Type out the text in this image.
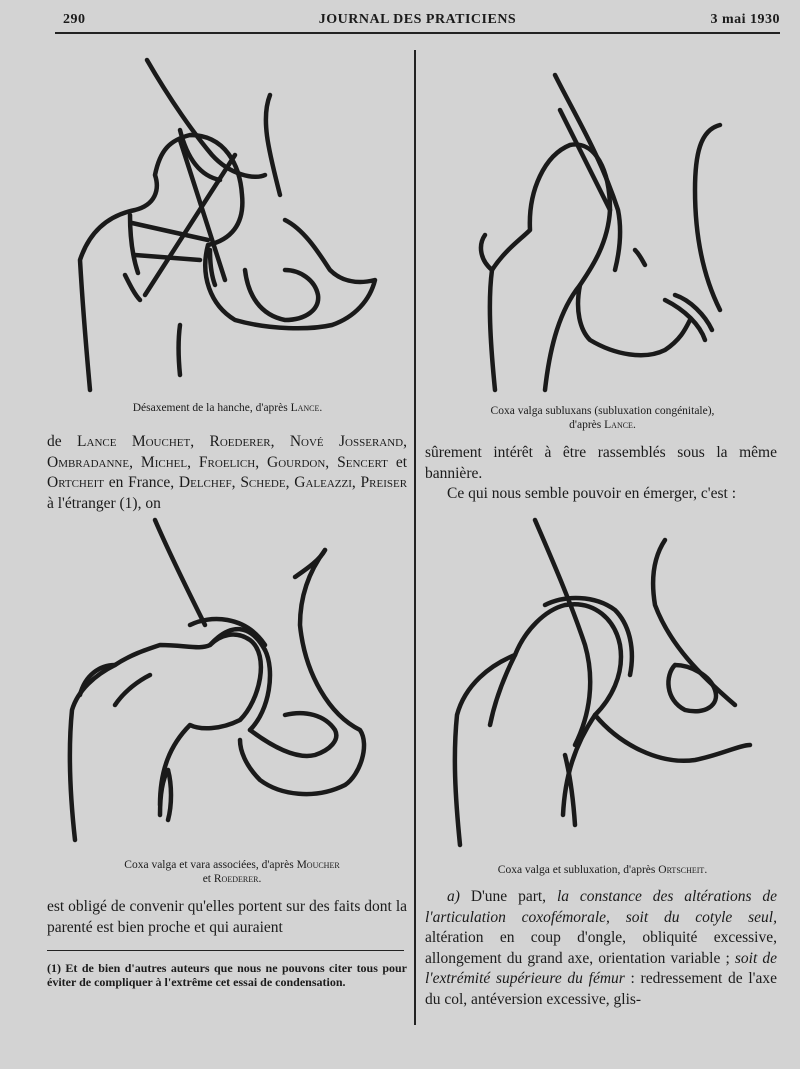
290	JOURNAL DES PRATICIENS	3 mai 1930
Désaxement de la hanche, d'après Lance.	Coxa valga subluxans (subluxation congénitale),
d'après Lance.

de Lance Mouchet, Roederer, Nové Josserand, Ombradanne, Michel, Froelich, Gourdon, Sencert et Ortcheit en France, Delchef, Schede, Galeazzi, Preiser à l'étranger (1), on

sûrement intérêt à être rassemblés sous la même bannière.

Ce qui nous semble pouvoir en émerger, c'est :

Coxa valga et vara associées, d'après Moucher
et Roederer.
Coxa valga et subluxation, d'après Ortscheit.
est obligé de convenir qu'elles portent sur des faits dont la parenté est bien proche et qui auraient
(1) Et de bien d'autres auteurs que nous ne pouvons citer tous pour éviter de compliquer à l'extrême cet essai de condensation.

a) D'une part, la constance des altérations de l'articulation coxofémorale, soit du cotyle seul, altération en coup d'ongle, obliquité excessive, allongement du grand axe, orientation variable ; soit de l'extrémité supérieure du fémur : redressement de l'axe du col, antéversion excessive, glis-
